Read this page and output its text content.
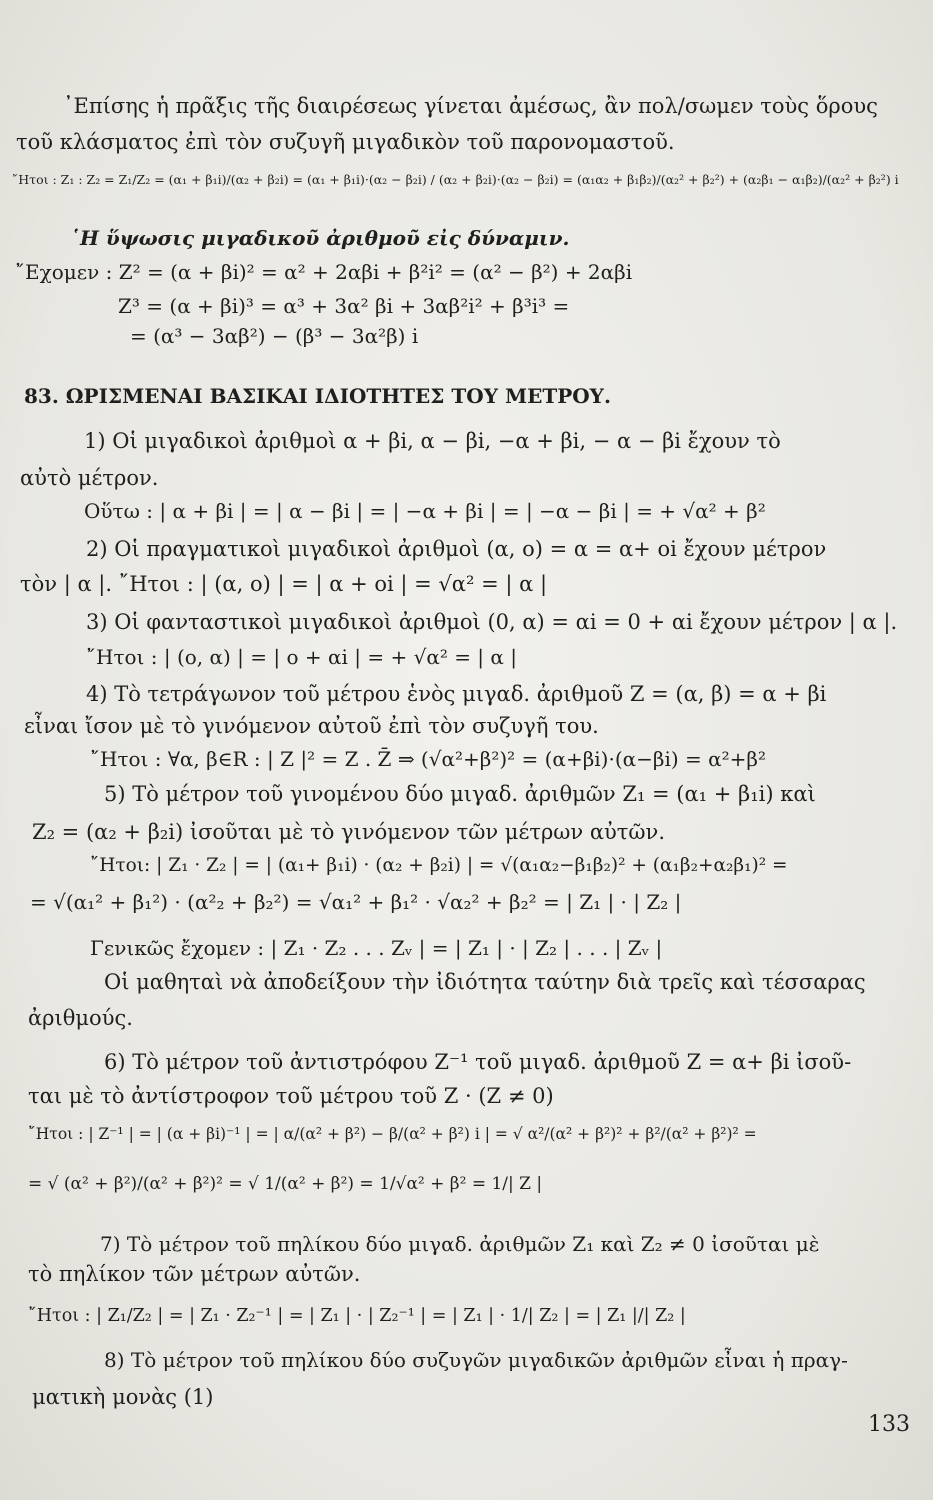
᾽Επίσης ἡ πρᾶξις τῆς διαιρέσεως γίνεται ἀμέσως, ἂν πολ/σωμεν τοὺς ὅρους
τοῦ κλάσματος ἐπὶ τὸν συζυγῆ μιγαδικὸν τοῦ παρονομαστοῦ.
῎Ητοι : Z₁ : Z₂ = Z₁/Z₂ = (α₁ + β₁i)/(α₂ + β₂i) = (α₁ + β₁i)·(α₂ − β₂i) / (α₂ + β₂i)·(α₂ − β₂i) = (α₁α₂ + β₁β₂)/(α₂² + β₂²) + (α₂β₁ − α₁β₂)/(α₂² + β₂²) i
῾Η ὕψωσις μιγαδικοῦ ἀριθμοῦ εἰς δύναμιν.
῎Εχομεν : Z² = (α + βi)² = α² + 2αβi + β²i² = (α² − β²) + 2αβi
Z³ = (α + βi)³ = α³ + 3α² βi + 3αβ²i² + β³i³ =
= (α³ − 3αβ²) − (β³ − 3α²β) i
83. ΩΡΙΣΜΕΝΑΙ ΒΑΣΙΚΑΙ ΙΔΙΟΤΗΤΕΣ ΤΟΥ ΜΕΤΡΟΥ.
1) Οἱ μιγαδικοὶ ἀριθμοὶ α + βi, α − βi, −α + βi, − α − βi ἔχουν τὸ
αὐτὸ μέτρον.
Οὕτω : | α + βi | = | α − βi | = | −α + βi | = | −α − βi | = + √α² + β²
2) Οἱ πραγματικοὶ μιγαδικοὶ ἀριθμοὶ (α, o) = α = α+ oi ἔχουν μέτρον
τὸν | α |. ῎Ητοι : | (α, o) | = | α + oi | = √α² = | α |
3) Οἱ φανταστικοὶ μιγαδικοὶ ἀριθμοὶ (0, α) = αi = 0 + αi ἔχουν μέτρον | α |.
῎Ητοι : | (o, α) | = | o + αi | = + √α² = | α |
4) Τὸ τετράγωνον τοῦ μέτρου ἑνὸς μιγαδ. ἀριθμοῦ Z = (α, β) = α + βi
εἶναι ἴσον μὲ τὸ γινόμενον αὐτοῦ ἐπὶ τὸν συζυγῆ του.
῎Ητοι : ∀α, β∈R : | Z |² = Z . Z̄ ⇒ (√α²+β²)² = (α+βi)·(α−βi) = α²+β²
5) Τὸ μέτρον τοῦ γινομένου δύο μιγαδ. ἀριθμῶν Z₁ = (α₁ + β₁i) καὶ
Z₂ = (α₂ + β₂i) ἰσοῦται μὲ τὸ γινόμενον τῶν μέτρων αὐτῶν.
῎Ητοι: | Z₁ · Z₂ | = | (α₁+ β₁i) · (α₂ + β₂i) | = √(α₁α₂−β₁β₂)² + (α₁β₂+α₂β₁)² =
= √(α₁² + β₁²) · (α²₂ + β₂²) = √α₁² + β₁² · √α₂² + β₂² = | Z₁ | · | Z₂ |
Γενικῶς ἔχομεν : | Z₁ · Z₂ . . . Zᵥ | = | Z₁ | · | Z₂ | . . . | Zᵥ |
Οἱ μαθηταὶ νὰ ἀποδείξουν τὴν ἰδιότητα ταύτην διὰ τρεῖς καὶ τέσσαρας
ἀριθμούς.
6) Τὸ μέτρον τοῦ ἀντιστρόφου Z⁻¹ τοῦ μιγαδ. ἀριθμοῦ Z = α+ βi ἰσοῦ-
ται μὲ τὸ ἀντίστροφον τοῦ μέτρου τοῦ Z · (Z ≠ 0)
῎Ητοι : | Z⁻¹ | = | (α + βi)⁻¹ | = | α/(α² + β²) − β/(α² + β²) i | = √ α²/(α² + β²)² + β²/(α² + β²)² =
= √ (α² + β²)/(α² + β²)² = √ 1/(α² + β²) = 1/√α² + β² = 1/| Z |
7) Τὸ μέτρον τοῦ πηλίκου δύο μιγαδ. ἀριθμῶν Z₁ καὶ Z₂ ≠ 0 ἰσοῦται μὲ
τὸ πηλίκον τῶν μέτρων αὐτῶν.
῎Ητοι : | Z₁/Z₂ | = | Z₁ · Z₂⁻¹ | = | Z₁ | · | Z₂⁻¹ | = | Z₁ | · 1/| Z₂ | = | Z₁ |/| Z₂ |
8) Τὸ μέτρον τοῦ πηλίκου δύο συζυγῶν μιγαδικῶν ἀριθμῶν εἶναι ἡ πραγ-
ματικὴ μονὰς (1)
133
